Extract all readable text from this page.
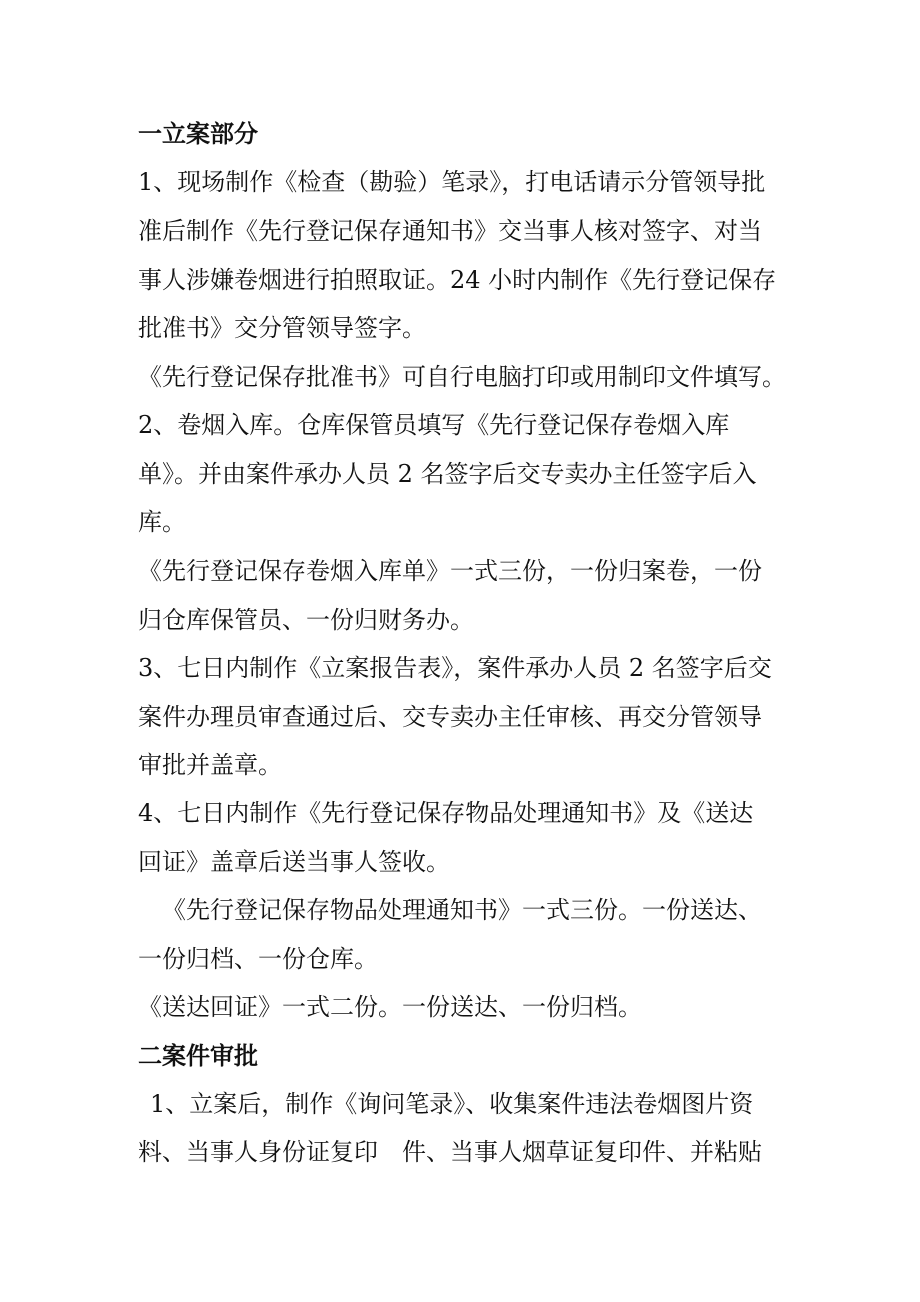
一立案部分

1、现场制作《检查（勘验）笔录》，打电话请示分管领导批

准后制作《先行登记保存通知书》交当事人核对签字、对当

事人涉嫌卷烟进行拍照取证。24 小时内制作《先行登记保存

批准书》交分管领导签字。

《先行登记保存批准书》可自行电脑打印或用制印文件填写。

2、卷烟入库。仓库保管员填写《先行登记保存卷烟入库

单》。并由案件承办人员 2 名签字后交专卖办主任签字后入

库。

《先行登记保存卷烟入库单》一式三份，一份归案卷，一份

归仓库保管员、一份归财务办。

3、七日内制作《立案报告表》，案件承办人员 2 名签字后交

案件办理员审查通过后、交专卖办主任审核、再交分管领导

审批并盖章。

4、七日内制作《先行登记保存物品处理通知书》及《送达

回证》盖章后送当事人签收。

《先行登记保存物品处理通知书》一式三份。一份送达、

一份归档、一份仓库。

《送达回证》一式二份。一份送达、一份归档。

二案件审批

1、立案后，制作《询问笔录》、收集案件违法卷烟图片资

料、当事人身份证复印　件、当事人烟草证复印件、并粘贴
